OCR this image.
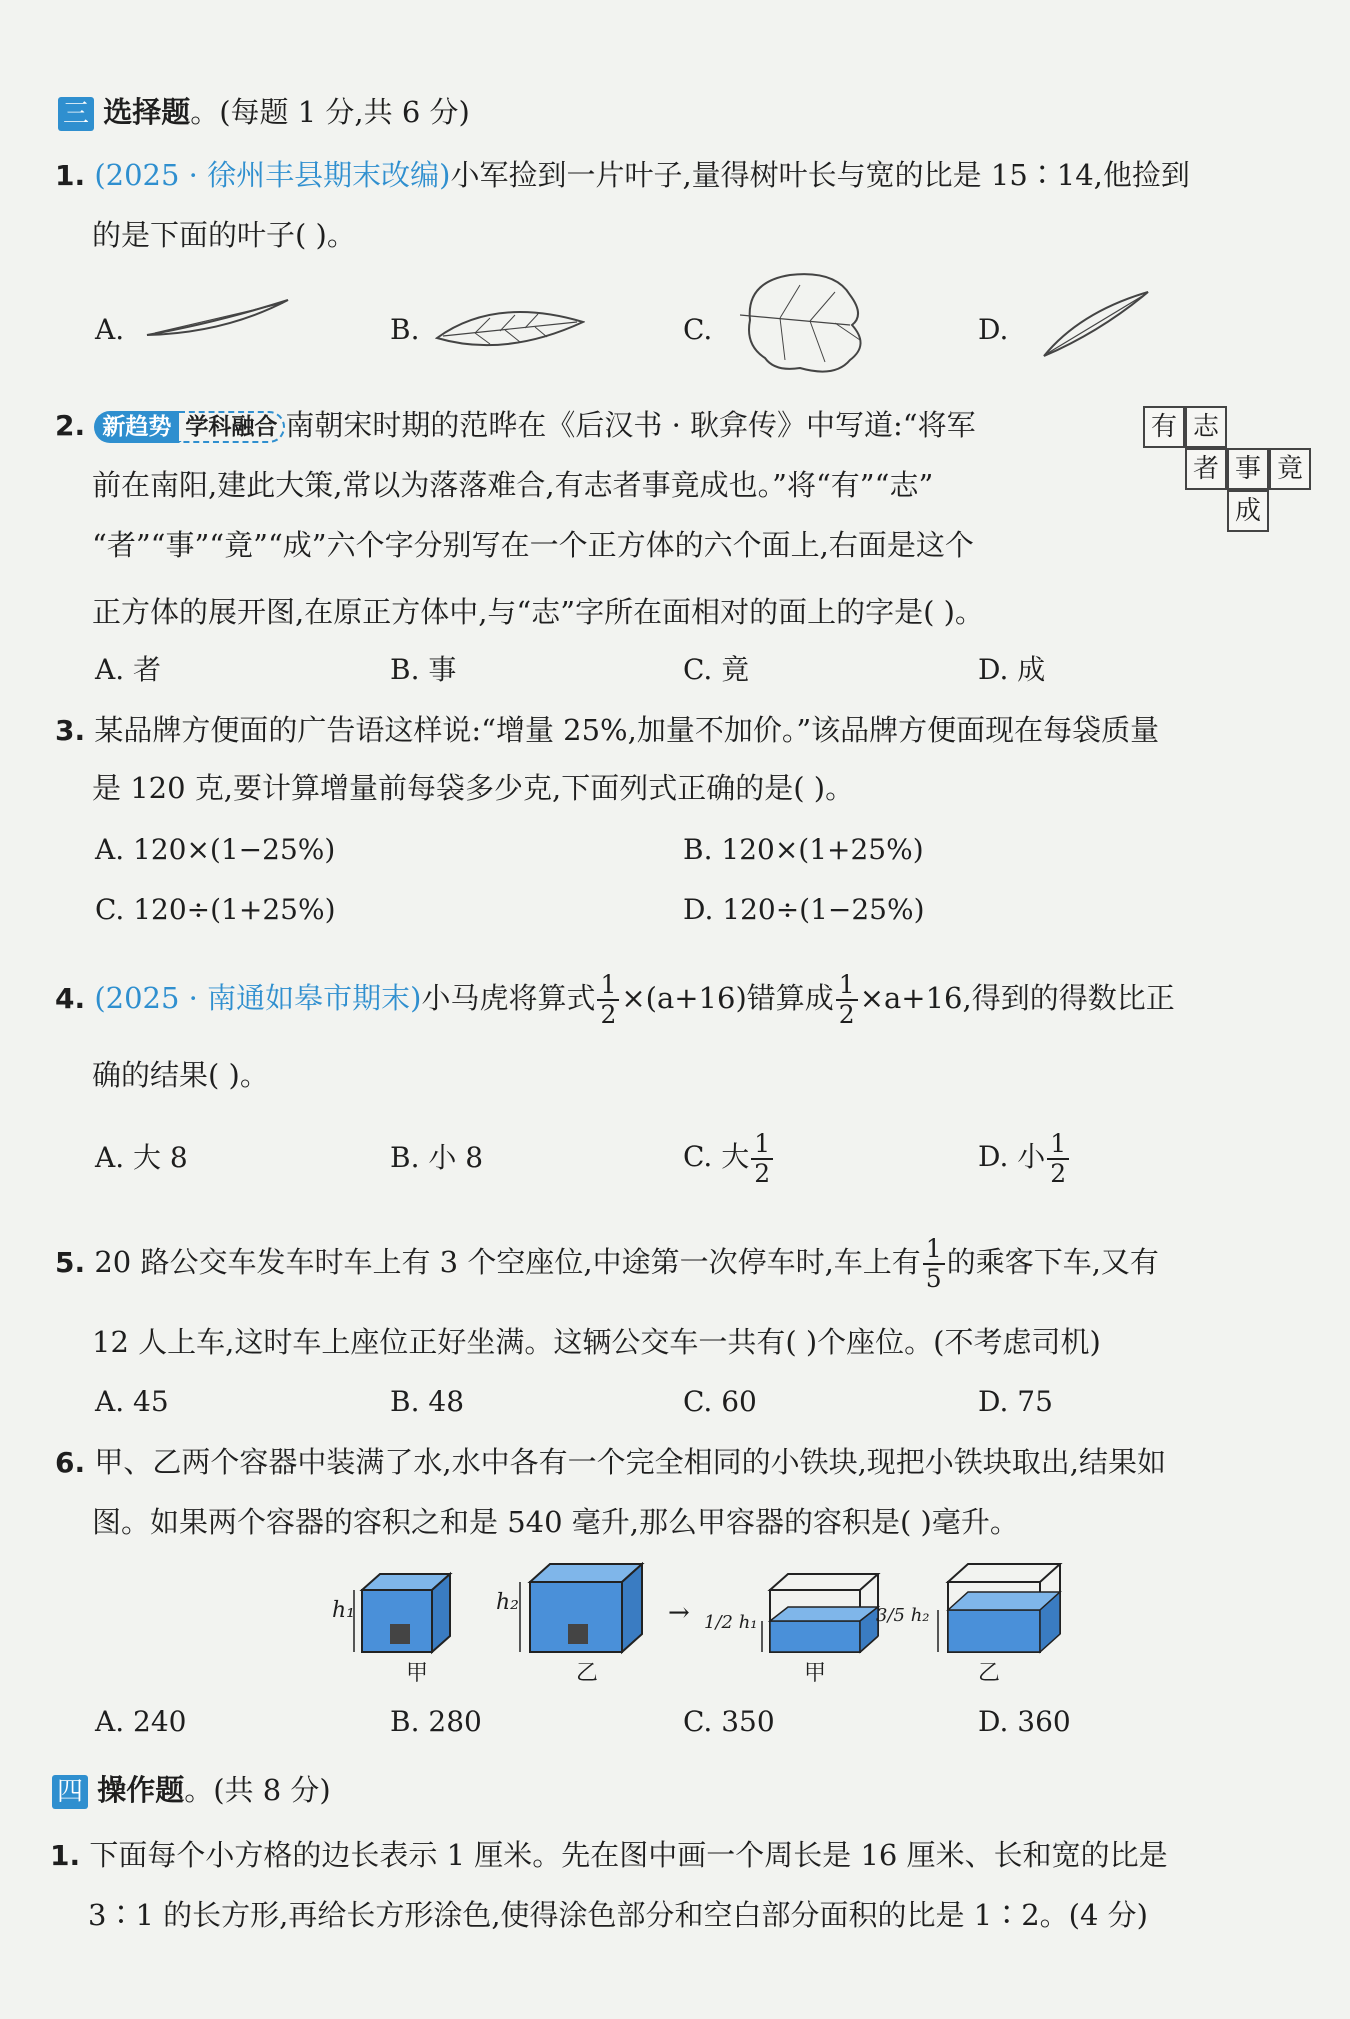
三 选择题。(每题 1 分,共 6 分)
1. (2025 · 徐州丰县期末改编)小军捡到一片叶子,量得树叶长与宽的比是 15∶14,他捡到
的是下面的叶子( )。
A.	B.	C.	D.
2. 新趋势 学科融合 南朝宋时期的范晔在《后汉书 · 耿弇传》中写道:“将军
前在南阳,建此大策,常以为落落难合,有志者事竟成也。”将“有”“志”
“者”“事”“竟”“成”六个字分别写在一个正方体的六个面上,右面是这个
正方体的展开图,在原正方体中,与“志”字所在面相对的面上的字是( )。
有 志
者 事 竟
成
A. 者	B. 事	C. 竟	D. 成
3. 某品牌方便面的广告语这样说:“增量 25%,加量不加价。”该品牌方便面现在每袋质量
是 120 克,要计算增量前每袋多少克,下面列式正确的是( )。
A. 120×(1−25%)	B. 120×(1+25%)
C. 120÷(1+25%)	D. 120÷(1−25%)
4. (2025 · 南通如皋市期末)小马虎将算式 $\frac{1}{2} \times(a+16)$错算成 $\frac{1}{2} \times a+16$,得到的得数比正
确的结果( )。
A. 大 8	B. 小 8	C. 大 $\frac{1}{2}$	D. 小 $\frac{1}{2}$
5. 20 路公交车发车时车上有 3 个空座位,中途第一次停车时,车上有 $\frac{1}{5}$ 的乘客下车,又有
12 人上车,这时车上座位正好坐满。这辆公交车一共有( )个座位。(不考虑司机)
A. 45	B. 48	C. 60	D. 75
6. 甲、乙两个容器中装满了水,水中各有一个完全相同的小铁块,现把小铁块取出,结果如
图。如果两个容器的容积之和是 540 毫升,那么甲容器的容积是( )毫升。
h₁	h₂
甲	乙	甲	乙
→ 1/2 h₁	3/5 h₂
A. 240	B. 280	C. 350	D. 360
四 操作题。(共 8 分)
1. 下面每个小方格的边长表示 1 厘米。先在图中画一个周长是 16 厘米、长和宽的比是
3∶1 的长方形,再给长方形涂色,使得涂色部分和空白部分面积的比是 1∶2。(4 分)
